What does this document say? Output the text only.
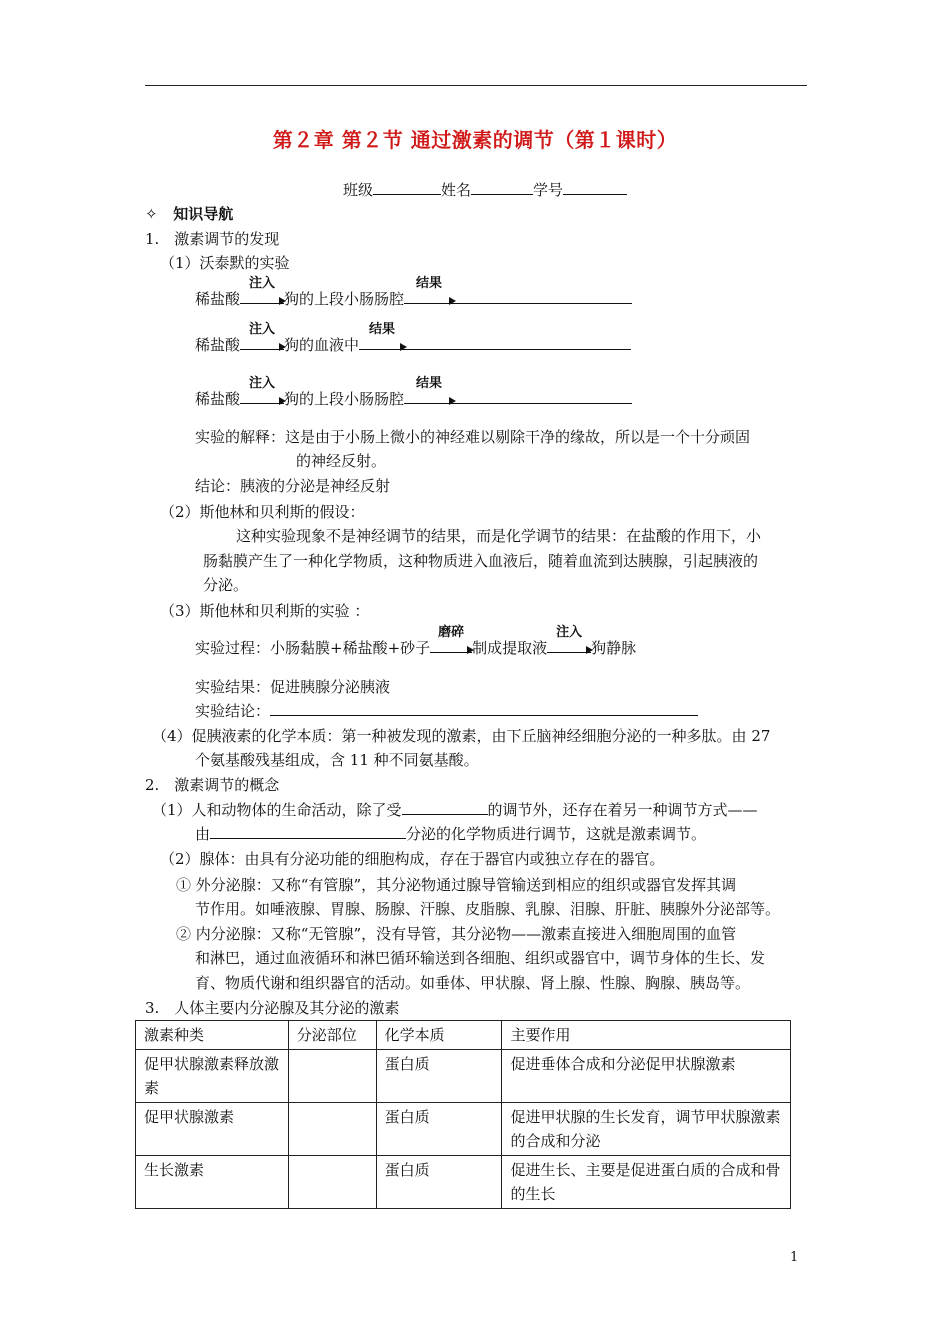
第２章 第２节 通过激素的调节（第１课时）
班级	姓名	学号
✧ 知识导航
1.　激素调节的发现
（1）沃泰默的实验
稀盐酸
注入
狗的上段小肠肠腔
结果
稀盐酸
注入
狗的血液中
结果
稀盐酸
注入
狗的上段小肠肠腔
结果
实验的解释：这是由于小肠上微小的神经难以剔除干净的缘故，所以是一个十分顽固
的神经反射。
结论：胰液的分泌是神经反射
（2）斯他林和贝利斯的假设：
这种实验现象不是神经调节的结果，而是化学调节的结果：在盐酸的作用下，小
肠黏膜产生了一种化学物质，这种物质进入血液后，随着血流到达胰腺，引起胰液的
分泌。
（3）斯他林和贝利斯的实验 ：
实验过程：小肠黏膜+稀盐酸+砂子
磨碎
制成提取液
注入
狗静脉
实验结果：促进胰腺分泌胰液
实验结论：
（4）促胰液素的化学本质：第一种被发现的激素，由下丘脑神经细胞分泌的一种多肽。由 27
个氨基酸残基组成，含 11 种不同氨基酸。
2.　激素调节的概念
（1）人和动物体的生命活动，除了受	的调节外，还存在着另一种调节方式——
由	分泌的化学物质进行调节，这就是激素调节。
（2）腺体：由具有分泌功能的细胞构成，存在于器官内或独立存在的器官。
① 外分泌腺：又称“有管腺”，其分泌物通过腺导管输送到相应的组织或器官发挥其调
节作用。如唾液腺、胃腺、肠腺、汗腺、皮脂腺、乳腺、泪腺、肝脏、胰腺外分泌部等。
② 内分泌腺：又称“无管腺”，没有导管，其分泌物——激素直接进入细胞周围的血管
和淋巴，通过血液循环和淋巴循环输送到各细胞、组织或器官中，调节身体的生长、发
育、物质代谢和组织器官的活动。如垂体、甲状腺、肾上腺、性腺、胸腺、胰岛等。
3.　人体主要内分泌腺及其分泌的激素
激素种类	分泌部位	化学本质	主要作用
促甲状腺激素释放激素		蛋白质	促进垂体合成和分泌促甲状腺激素
促甲状腺激素		蛋白质	促进甲状腺的生长发育，调节甲状腺激素的合成和分泌
生长激素		蛋白质	促进生长、主要是促进蛋白质的合成和骨的生长
1
